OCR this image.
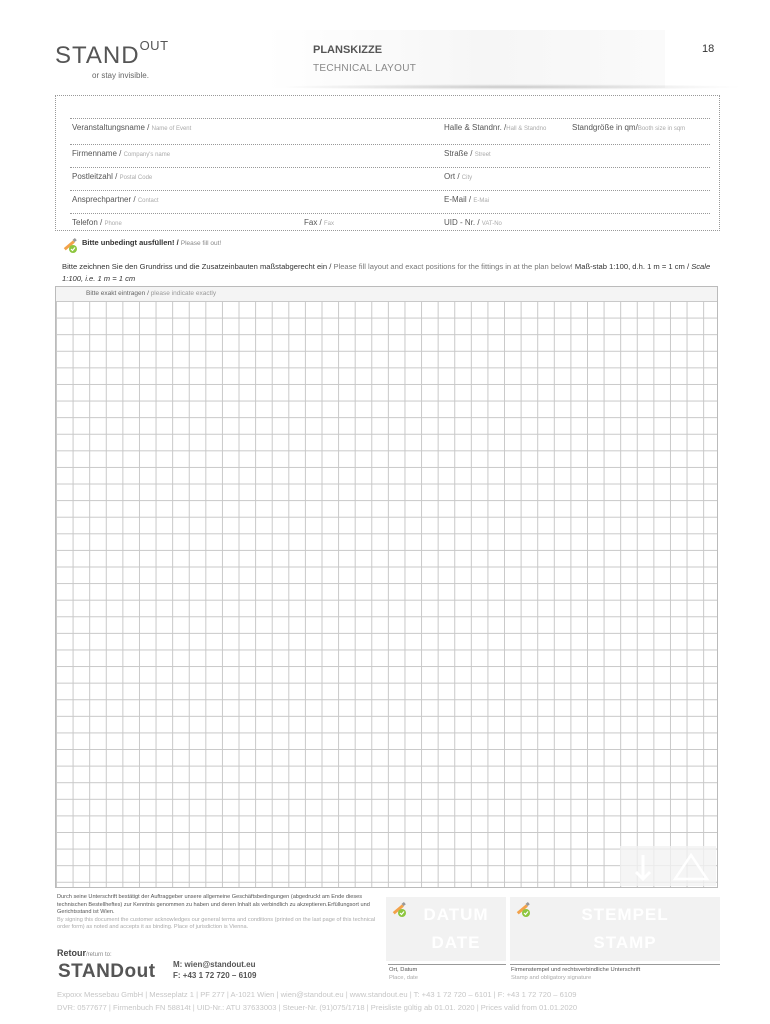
$STAND^{OUT}$
or stay invisible.
PLANSKIZZE
TECHNICAL LAYOUT
18
Veranstaltungsname / Name of Event	Halle & Standnr. /Hall & Standno	Standgröße in qm/Booth size in sqm
Firmenname / Company's name	Straße / Street
Postleitzahl / Postal Code	Ort / City
Ansprechpartner / Contact	E-Mail / E-Mai
Telefon / Phone	Fax / Fax	UID - Nr. / VAT-No
Bitte unbedingt ausfüllen! / Please fill out!
Bitte zeichnen Sie den Grundriss und die Zusatzeinbauten maßstabgerecht ein / Please fill layout and exact positions for the fittings in at the plan below! Maß-stab 1:100, d.h. 1 m = 1 cm / Scale 1:100, i.e. 1 m = 1 cm
Bitte exakt eintragen / please indicate exactly
Durch seine Unterschrift bestätigt der Auftraggeber unsere allgemeine Geschäftsbedingungen (abgedruckt am Ende dieses technischen Bestellheftes) zur Kenntnis genommen zu haben und deren Inhalt als verbindlich zu akzeptieren.Erfüllungsort und Gerichtsstand ist Wien.
By signing this document the customer acknowledges our general terms and conditions (printed on the last page of this technical order form) as noted and accepts it as binding. Place of jurisdiction is Vienna.
Retour/return to:
STANDout M: wien@standout.eu
F: +43 1 72 720 – 6109
DATUM
DATE
STEMPEL
STAMP
Ort, Datum
Place, date
Firmenstempel und rechtsverbindliche Unterschrift
Stamp and obligatory signature
Expoxx Messebau GmbH | Messeplatz 1 | PF 277 | A-1021 Wien | wien@standout.eu | www.standout.eu | T: +43 1 72 720 – 6101 | F: +43 1 72 720 – 6109
DVR: 0577677 | Firmenbuch FN 58814t | UID-Nr.: ATU 37633003 | Steuer-Nr. (91)075/1718 | Preisliste gültig ab 01.01. 2020 | Prices valid from 01.01.2020
